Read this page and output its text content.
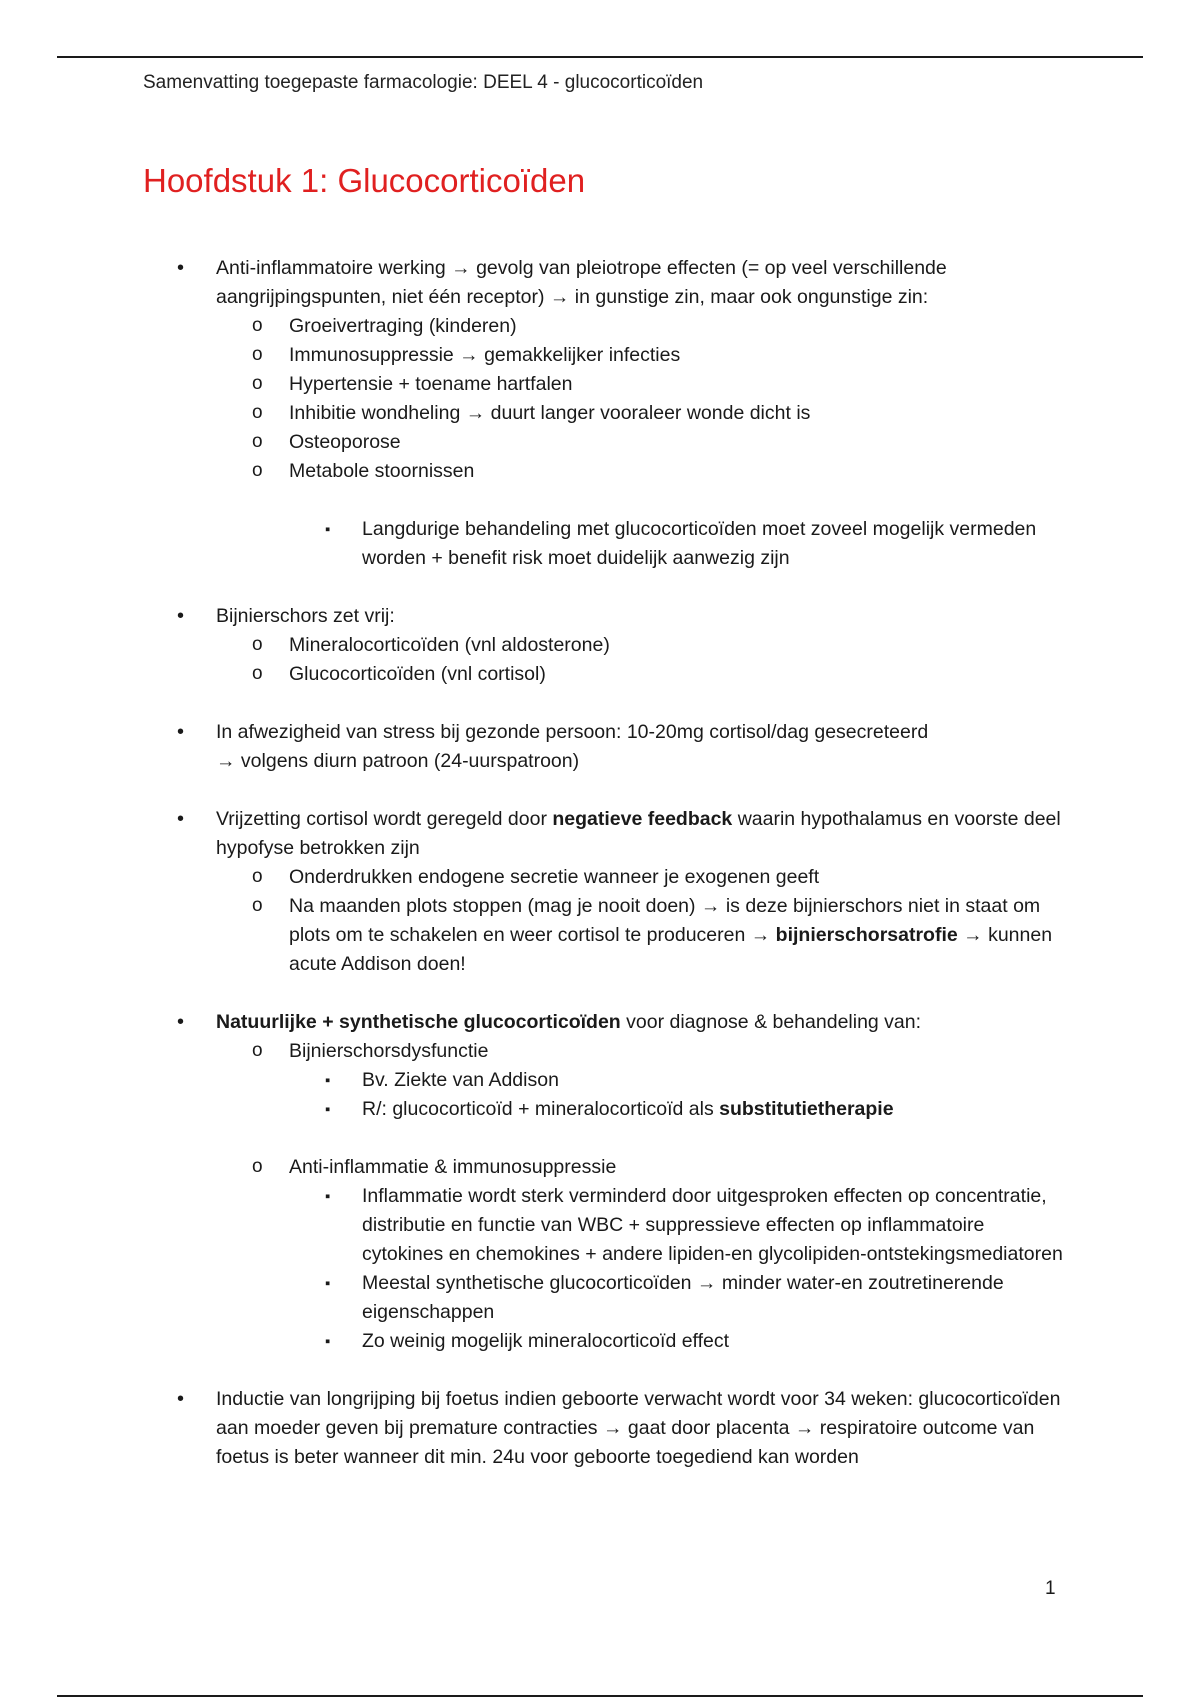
Samenvatting toegepaste farmacologie: DEEL 4 - glucocorticoïden
Hoofdstuk 1: Glucocorticoïden
• Anti-inflammatoire werking → gevolg van pleiotrope effecten (= op veel verschillende aangrijpingspunten, niet één receptor) → in gunstige zin, maar ook ongunstige zin:
o Groeivertraging (kinderen)
o Immunosuppressie → gemakkelijker infecties
o Hypertensie + toename hartfalen
o Inhibitie wondheling → duurt langer vooraleer wonde dicht is
o Osteoporose
o Metabole stoornissen
▪ Langdurige behandeling met glucocorticoïden moet zoveel mogelijk vermeden worden + benefit risk moet duidelijk aanwezig zijn
• Bijnierschors zet vrij:
o Mineralocorticoïden (vnl aldosterone)
o Glucocorticoïden (vnl cortisol)
• In afwezigheid van stress bij gezonde persoon: 10-20mg cortisol/dag gesecreteerd
→ volgens diurn patroon (24-uurspatroon)
• Vrijzetting cortisol wordt geregeld door negatieve feedback waarin hypothalamus en voorste deel hypofyse betrokken zijn
o Onderdrukken endogene secretie wanneer je exogenen geeft
o Na maanden plots stoppen (mag je nooit doen) → is deze bijnierschors niet in staat om plots om te schakelen en weer cortisol te produceren → bijnierschorsatrofie → kunnen acute Addison doen!
• Natuurlijke + synthetische glucocorticoïden voor diagnose & behandeling van:
o Bijnierschorsdysfunctie
▪ Bv. Ziekte van Addison
▪ R/: glucocorticoïd + mineralocorticoïd als substitutietherapie
o Anti-inflammatie & immunosuppressie
▪ Inflammatie wordt sterk verminderd door uitgesproken effecten op concentratie, distributie en functie van WBC + suppressieve effecten op inflammatoire cytokines en chemokines + andere lipiden-en glycolipiden-ontstekingsmediatoren
▪ Meestal synthetische glucocorticoïden → minder water-en zoutretinerende eigenschappen
▪ Zo weinig mogelijk mineralocorticoïd effect
• Inductie van longrijping bij foetus indien geboorte verwacht wordt voor 34 weken: glucocorticoïden aan moeder geven bij premature contracties → gaat door placenta → respiratoire outcome van foetus is beter wanneer dit min. 24u voor geboorte toegediend kan worden
1
